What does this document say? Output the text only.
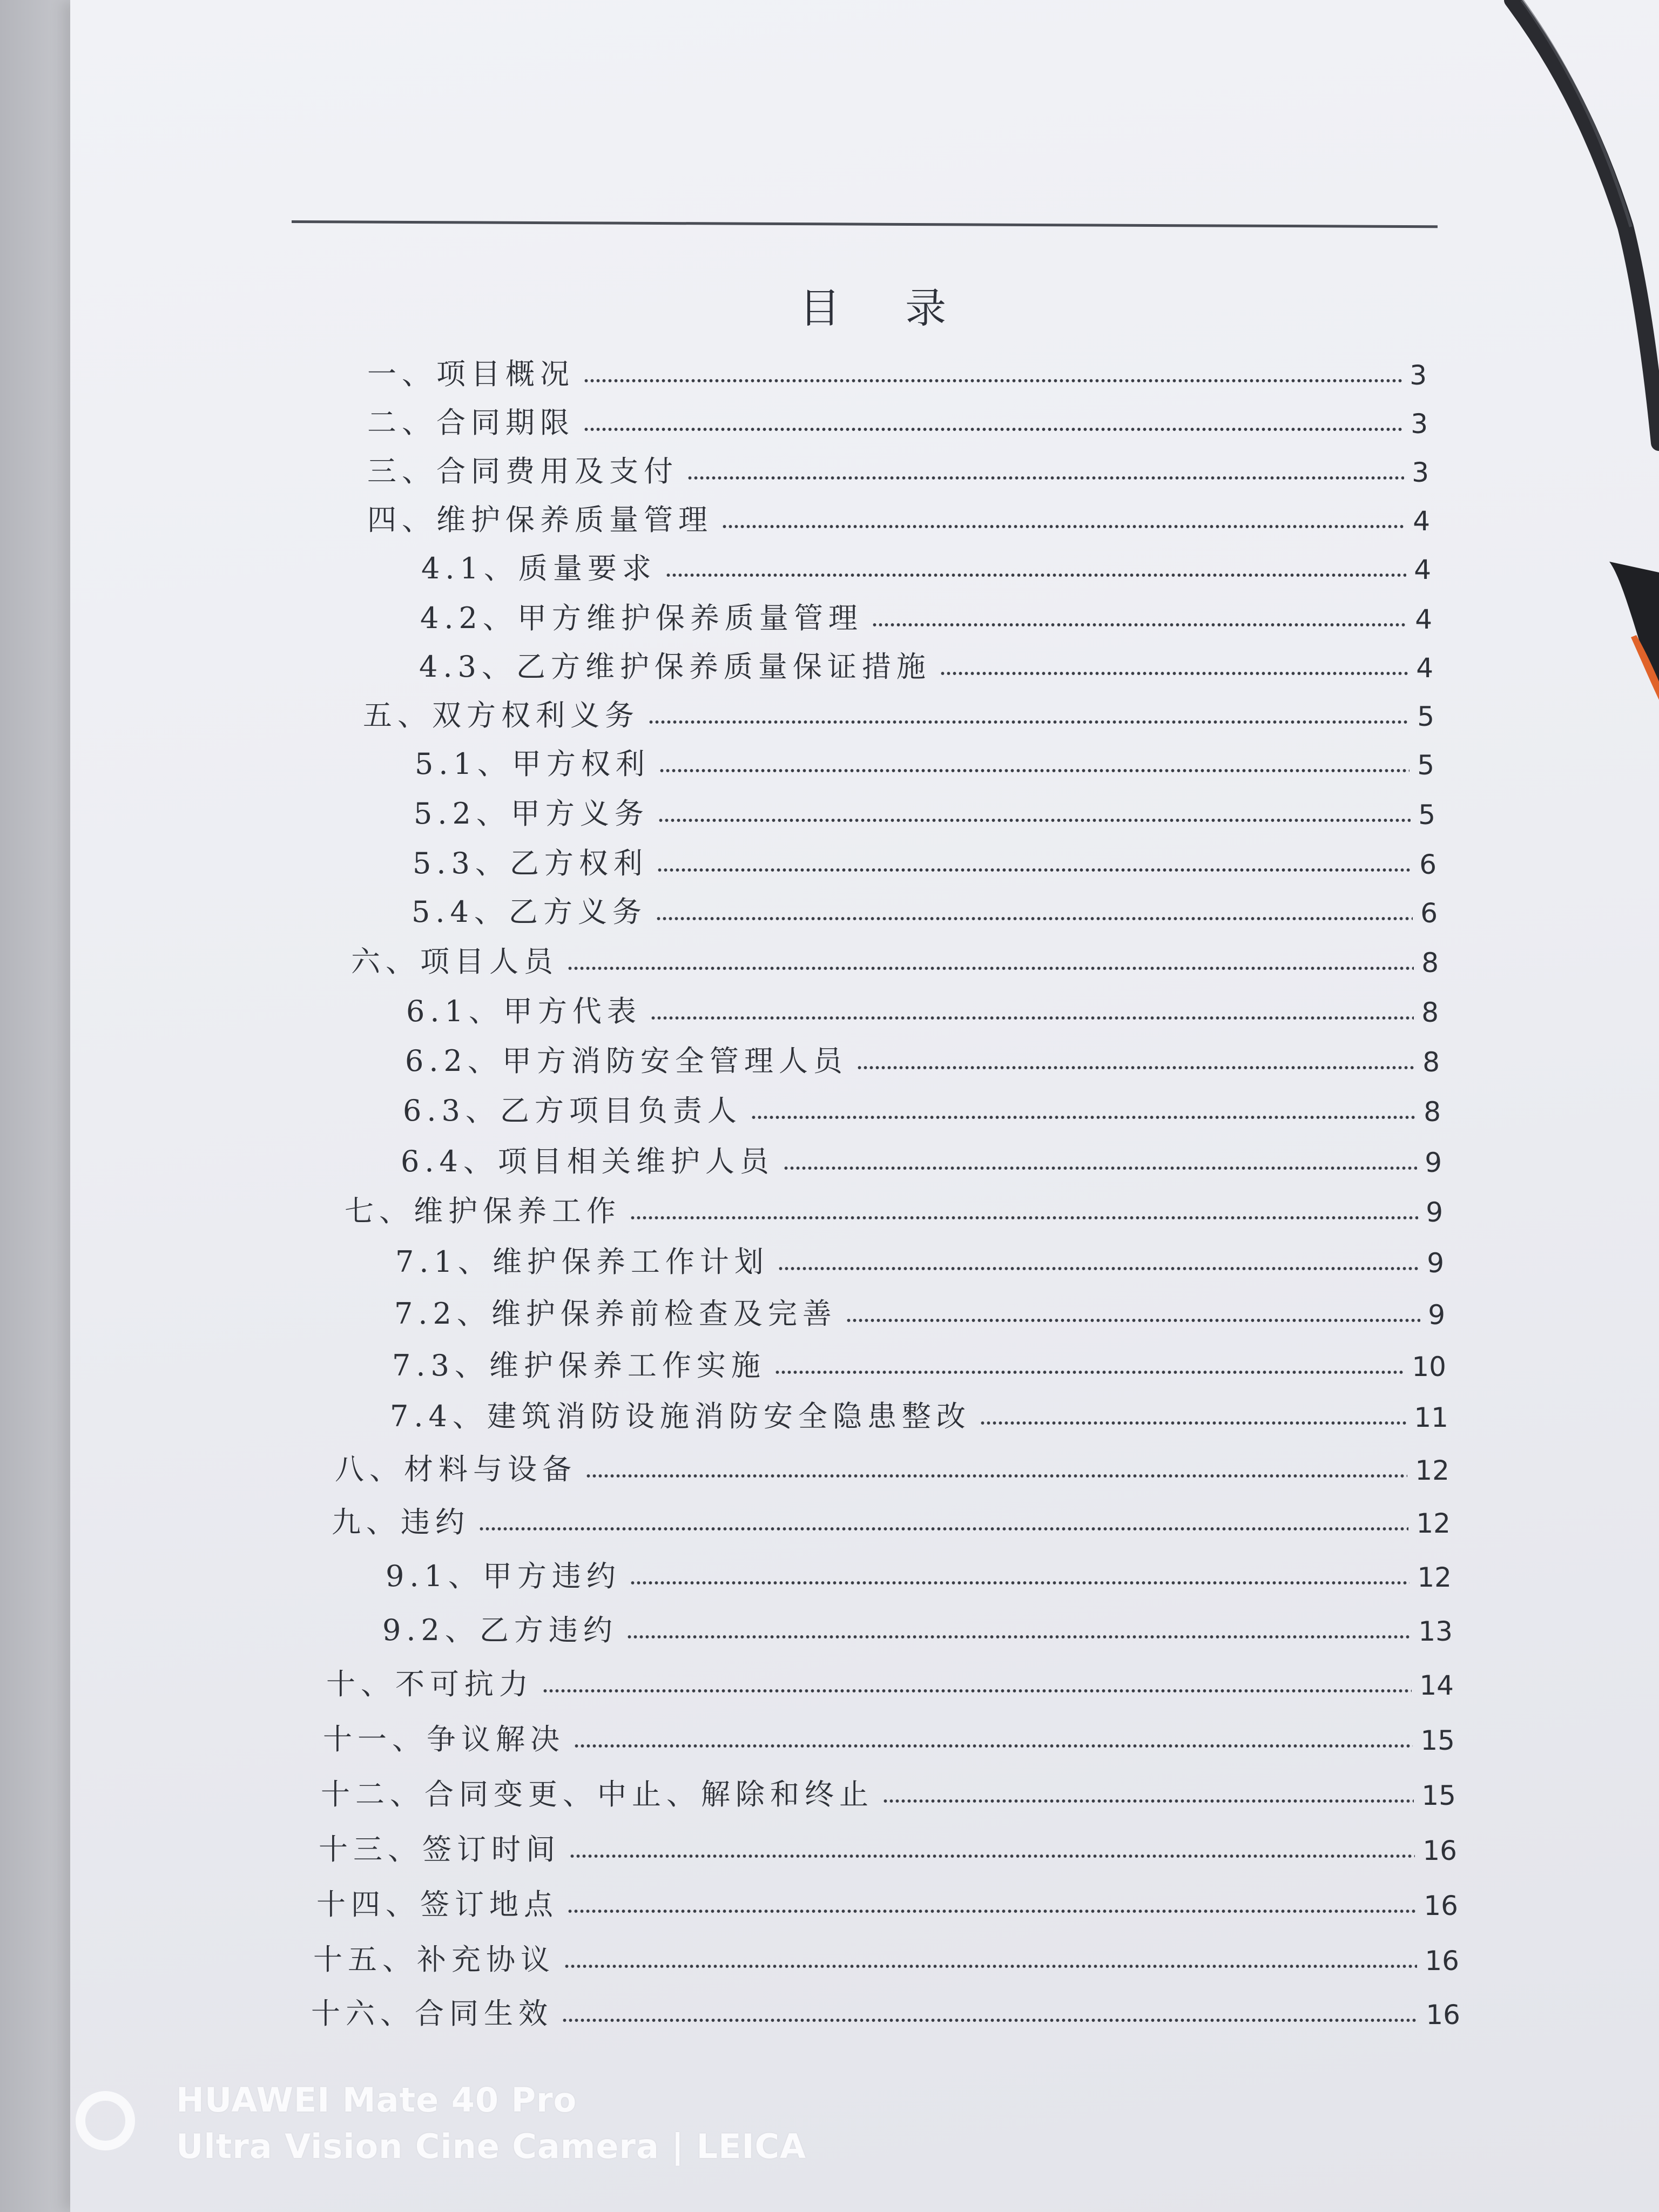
目 录
一、项目概况	3
二、合同期限	3
三、合同费用及支付	3
四、维护保养质量管理	4
4.1、质量要求	4
4.2、甲方维护保养质量管理	4
4.3、乙方维护保养质量保证措施	4
五、双方权利义务	5
5.1、甲方权利	5
5.2、甲方义务	5
5.3、乙方权利	6
5.4、乙方义务	6
六、项目人员	8
6.1、甲方代表	8
6.2、甲方消防安全管理人员	8
6.3、乙方项目负责人	8
6.4、项目相关维护人员	9
七、维护保养工作	9
7.1、维护保养工作计划	9
7.2、维护保养前检查及完善	9
7.3、维护保养工作实施	10
7.4、建筑消防设施消防安全隐患整改	11
八、材料与设备	12
九、违约	12
9.1、甲方违约	12
9.2、乙方违约	13
十、不可抗力	14
十一、争议解决	15
十二、合同变更、中止、解除和终止	15
十三、签订时间	16
十四、签订地点	16
十五、补充协议	16
十六、合同生效	16
HUAWEI Mate 40 Pro
Ultra Vision Cine Camera | LEICA
